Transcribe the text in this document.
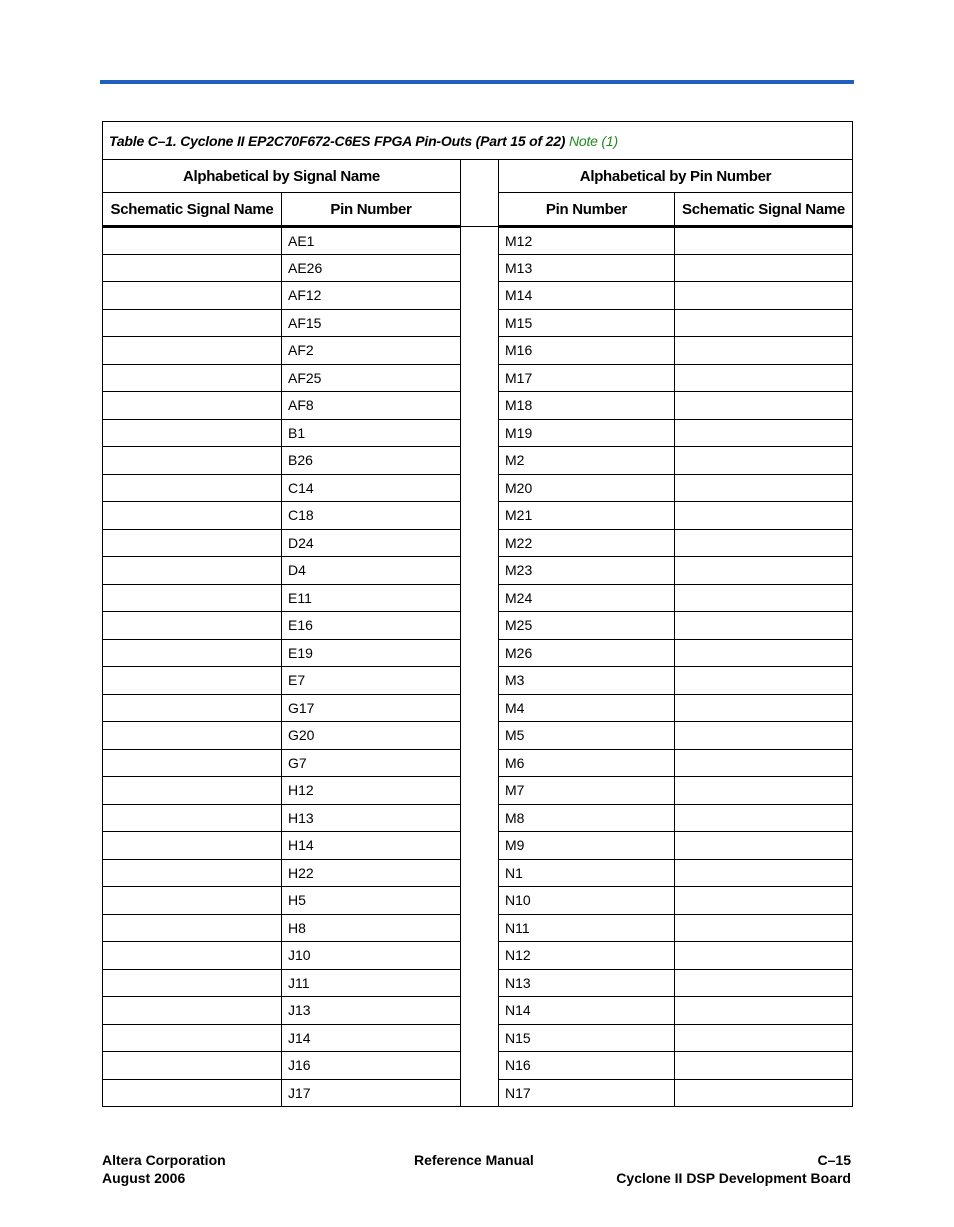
Table C–1. Cyclone II EP2C70F672-C6ES FPGA Pin-Outs (Part 15 of 22) Note (1)				
Alphabetical by Signal Name			Alphabetical by Pin Number	
Schematic Signal Name	Pin Number		Pin Number	Schematic Signal Name
	AE1		M12	
	AE26		M13	
	AF12		M14	
	AF15		M15	
	AF2		M16	
	AF25		M17	
	AF8		M18	
	B1		M19	
	B26		M2	
	C14		M20	
	C18		M21	
	D24		M22	
	D4		M23	
	E11		M24	
	E16		M25	
	E19		M26	
	E7		M3	
	G17		M4	
	G20		M5	
	G7		M6	
	H12		M7	
	H13		M8	
	H14		M9	
	H22		N1	
	H5		N10	
	H8		N11	
	J10		N12	
	J11		N13	
	J13		N14	
	J14		N15	
	J16		N16	
	J17		N17	
Altera Corporation
August 2006
Reference Manual	C–15
Cyclone II DSP Development Board
